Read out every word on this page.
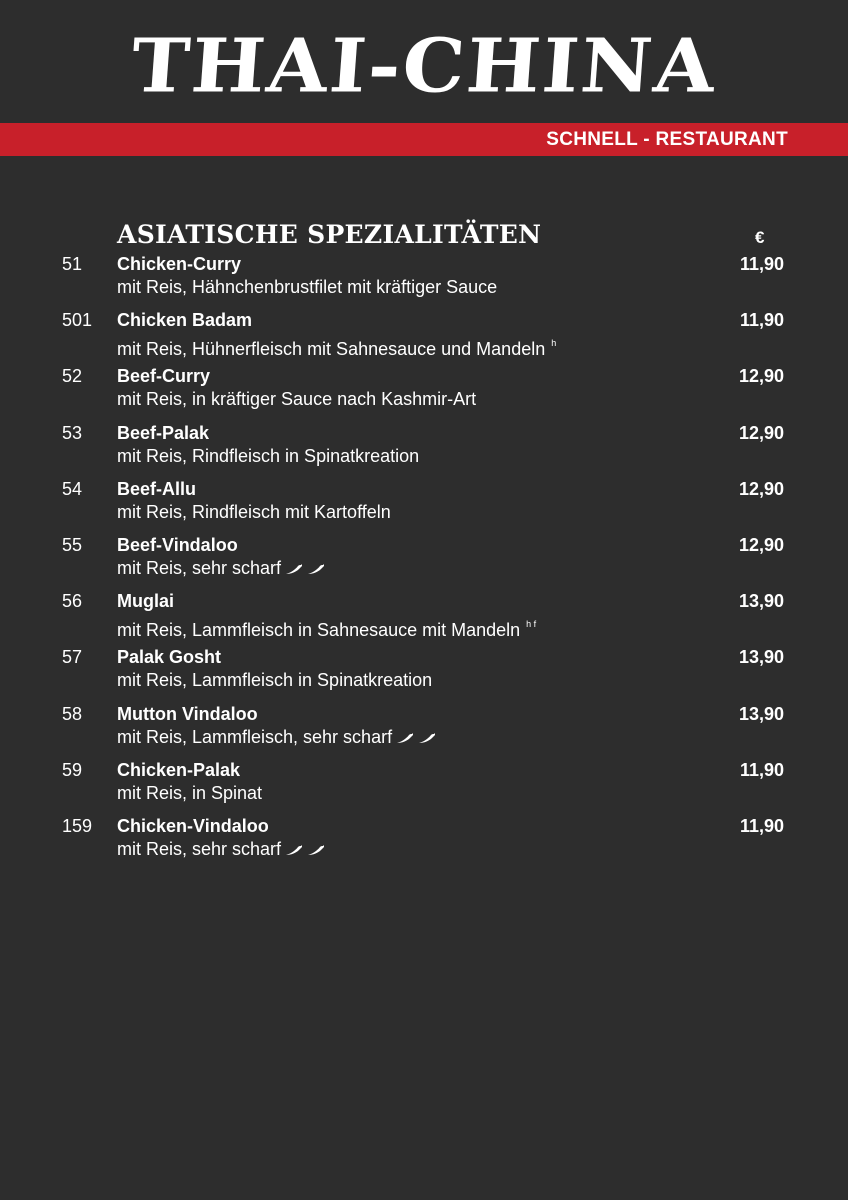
THAI-CHINA
SCHNELL - RESTAURANT
ASIATISCHE SPEZIALITÄTEN	€
51 Chicken-Curry
mit Reis, Hähnchenbrustfilet mit kräftiger Sauce
11,90
501 Chicken Badam
mit Reis, Hühnerfleisch mit Sahnesauce und Mandeln $^h$
11,90
52 Beef-Curry
mit Reis, in kräftiger Sauce nach Kashmir-Art
12,90
53 Beef-Palak
mit Reis, Rindfleisch in Spinatkreation
12,90
54 Beef-Allu
mit Reis, Rindfleisch mit Kartoffeln
12,90
55 Beef-Vindaloo
mit Reis, sehr scharf
12,90
56 Muglai
mit Reis, Lammfleisch in Sahnesauce mit Mandeln $^{h f}$
13,90
57 Palak Gosht
mit Reis, Lammfleisch in Spinatkreation
13,90
58 Mutton Vindaloo
mit Reis, Lammfleisch, sehr scharf
13,90
59 Chicken-Palak
mit Reis, in Spinat
11,90
159 Chicken-Vindaloo
mit Reis, sehr scharf
11,90
